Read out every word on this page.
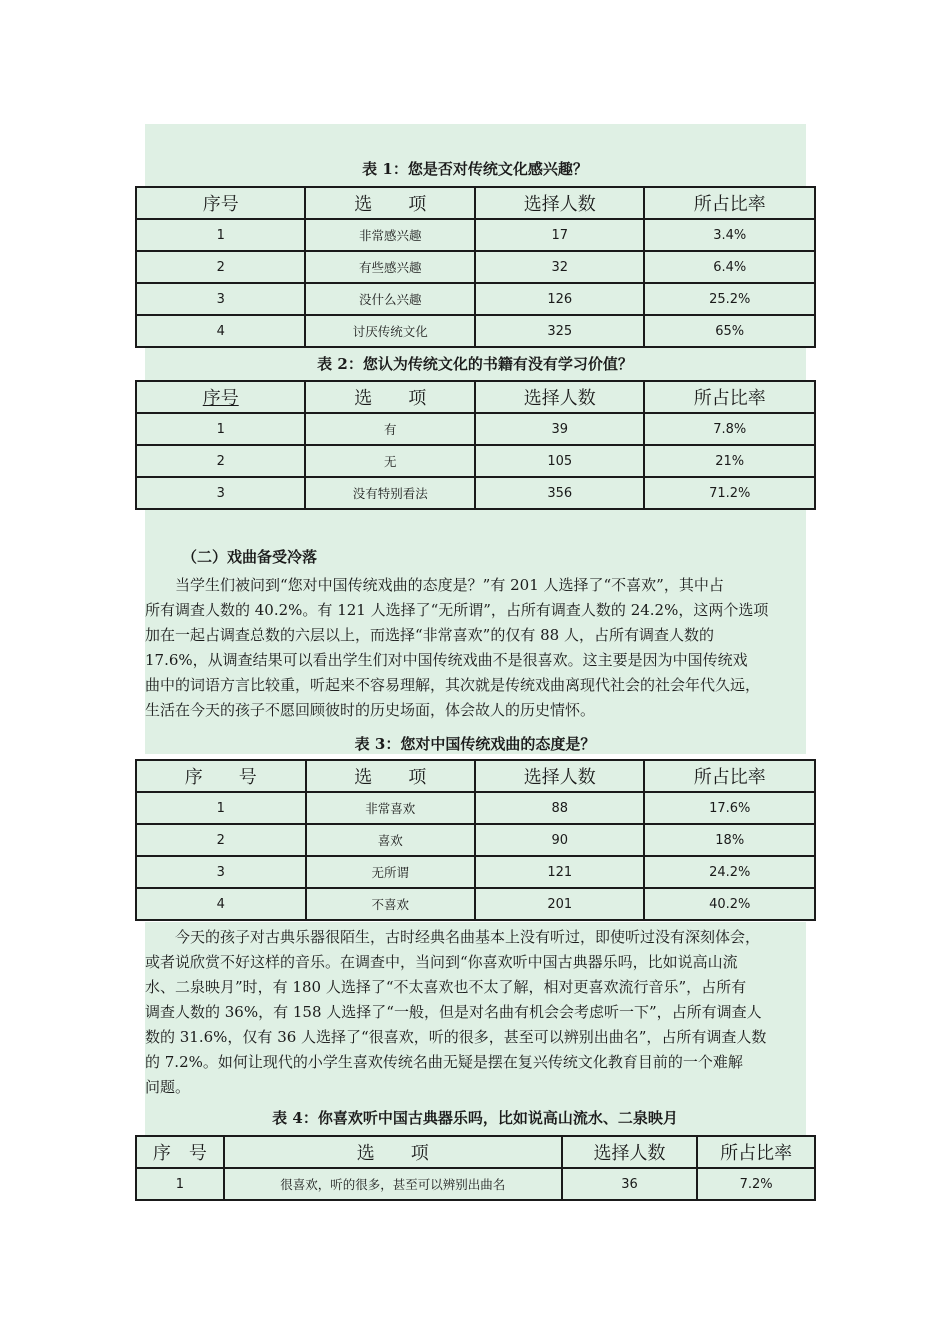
表 1：您是否对传统文化感兴趣？
序号	选　　项	选择人数	所占比率
1	非常感兴趣	17	3.4%
2	有些感兴趣	32	6.4%
3	没什么兴趣	126	25.2%
4	讨厌传统文化	325	65%
表 2：您认为传统文化的书籍有没有学习价值？
序号	选　　项	选择人数	所占比率
1	有	39	7.8%
2	无	105	21%
3	没有特别看法	356	71.2%
（二）戏曲备受冷落
当学生们被问到“您对中国传统戏曲的态度是？”有 201 人选择了“不喜欢”，其中占
所有调查人数的 40.2%。有 121 人选择了“无所谓”，占所有调查人数的 24.2%，这两个选项
加在一起占调查总数的六层以上，而选择“非常喜欢”的仅有 88 人，占所有调查人数的
17.6%，从调查结果可以看出学生们对中国传统戏曲不是很喜欢。这主要是因为中国传统戏
曲中的词语方言比较重，听起来不容易理解，其次就是传统戏曲离现代社会的社会年代久远，
生活在今天的孩子不愿回顾彼时的历史场面，体会故人的历史情怀。
表 3：您对中国传统戏曲的态度是？
序　　号	选　　项	选择人数	所占比率
1	非常喜欢	88	17.6%
2	喜欢	90	18%
3	无所谓	121	24.2%
4	不喜欢	201	40.2%
今天的孩子对古典乐器很陌生，古时经典名曲基本上没有听过，即使听过没有深刻体会，
或者说欣赏不好这样的音乐。在调查中，当问到“你喜欢听中国古典器乐吗，比如说高山流
水、二泉映月”时，有 180 人选择了“不太喜欢也不太了解，相对更喜欢流行音乐”，占所有
调查人数的 36%，有 158 人选择了“一般，但是对名曲有机会会考虑听一下”，占所有调查人
数的 31.6%，仅有 36 人选择了“很喜欢，听的很多，甚至可以辨别出曲名”，占所有调查人数
的 7.2%。如何让现代的小学生喜欢传统名曲无疑是摆在复兴传统文化教育目前的一个难解
问题。
表 4：你喜欢听中国古典器乐吗，比如说高山流水、二泉映月
序　号	选　　项	选择人数	所占比率
1	很喜欢，听的很多，甚至可以辨别出曲名	36	7.2%
